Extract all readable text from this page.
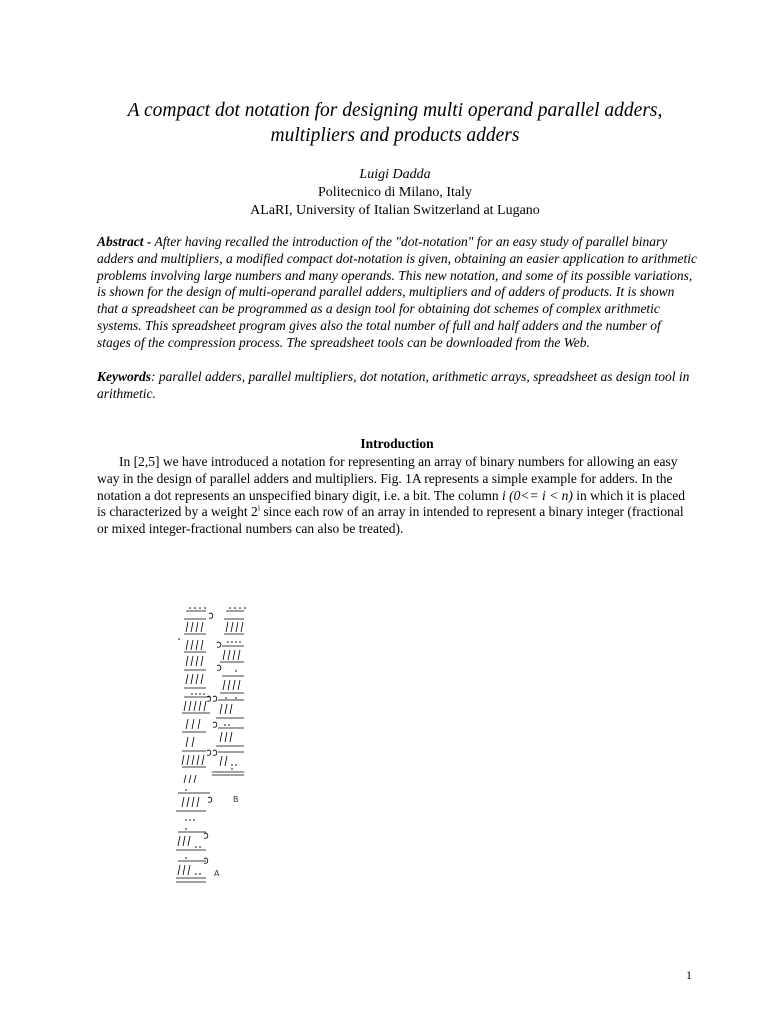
A compact dot notation for designing multi operand parallel adders, multipliers and products adders
Luigi Dadda
Politecnico di Milano, Italy
ALaRI, University of Italian Switzerland at Lugano
Abstract - After having recalled the introduction of the "dot-notation" for an easy study of parallel binary adders and multipliers, a modified compact dot-notation is given, obtaining an easier application to arithmetic problems involving large numbers and many operands. This new notation, and some of its possible variations, is shown for the design of multi-operand parallel adders, multipliers and of adders of products. It is shown that a spreadsheet can be programmed as a design tool for obtaining dot schemes of complex arithmetic systems. This spreadsheet program gives also the total number of full and half adders and the number of stages of the compression process. The spreadsheet tools can be downloaded from the Web.
Keywords: parallel adders, parallel multipliers, dot notation, arithmetic arrays, spreadsheet as design tool in arithmetic.
Introduction
In [2,5] we have introduced a notation for representing an array of binary numbers for allowing an easy way in the design of parallel adders and multipliers. Fig. 1A represents a simple example for adders. In the notation a dot represents an unspecified binary digit, i.e. a bit. The column i (0<= i < n) in which it is placed is characterized by a weight 2$^i$ since each row of an array in intended to represent a binary integer (fractional or mixed integer-fractional numbers can also be treated).
B
A
1
